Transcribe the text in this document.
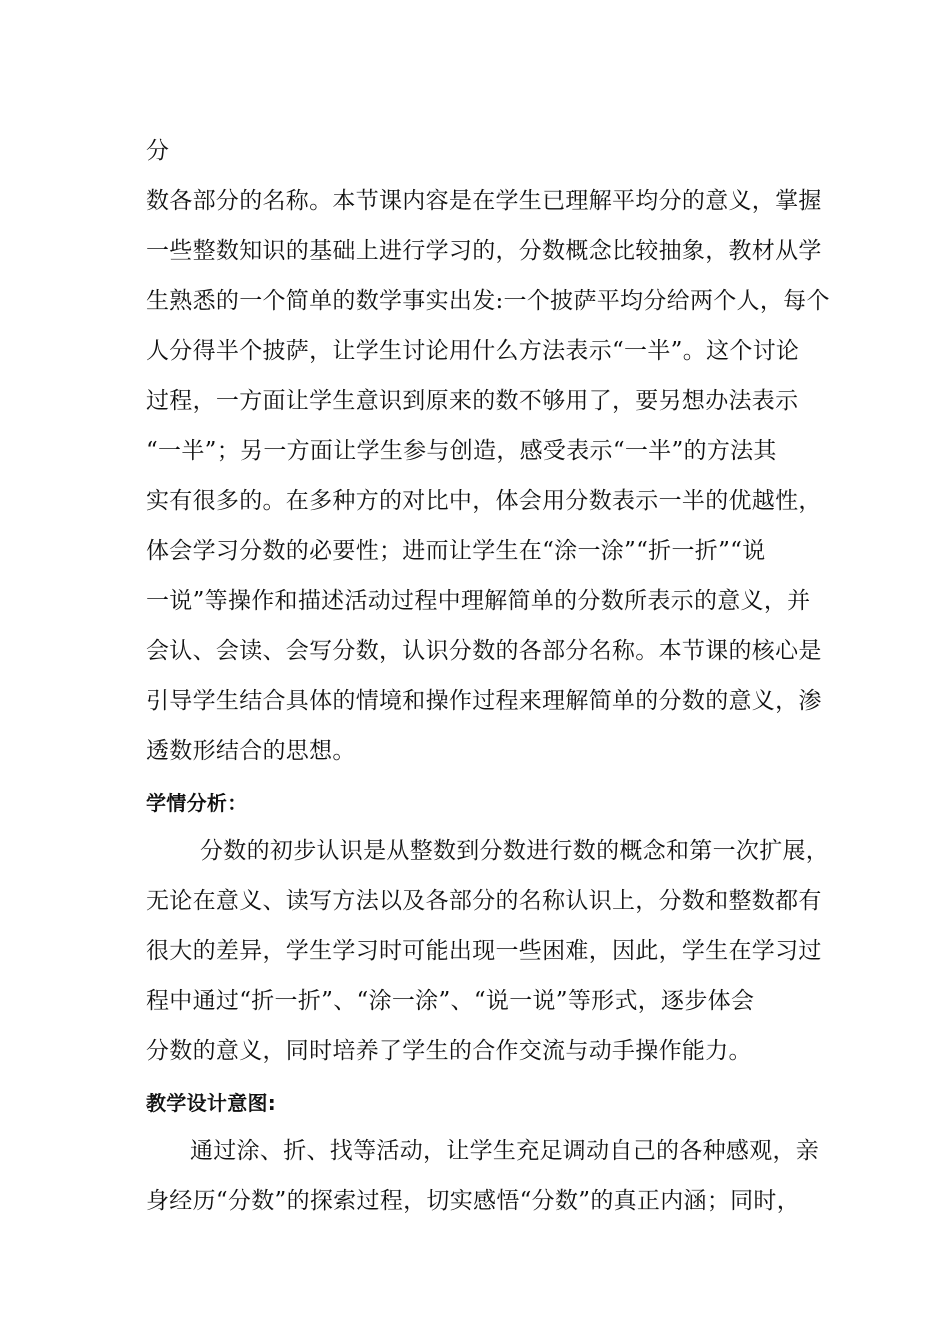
分
数各部分的名称。本节课内容是在学生已理解平均分的意义，掌握
一些整数知识的基础上进行学习的，分数概念比较抽象，教材从学
生熟悉的一个简单的数学事实出发:一个披萨平均分给两个人，每个
人分得半个披萨，让学生讨论用什么方法表示“一半”。这个讨论
过程，一方面让学生意识到原来的数不够用了，要另想办法表示
“一半”；另一方面让学生参与创造，感受表示“一半”的方法其
实有很多的。在多种方的对比中，体会用分数表示一半的优越性，
体会学习分数的必要性；进而让学生在“涂一涂”“折一折”“说
一说”等操作和描述活动过程中理解简单的分数所表示的意义，并
会认、会读、会写分数，认识分数的各部分名称。本节课的核心是
引导学生结合具体的情境和操作过程来理解简单的分数的意义，渗
透数形结合的思想。
学情分析：
分数的初步认识是从整数到分数进行数的概念和第一次扩展，
无论在意义、读写方法以及各部分的名称认识上，分数和整数都有
很大的差异，学生学习时可能出现一些困难，因此，学生在学习过
程中通过“折一折”、“涂一涂”、“说一说”等形式，逐步体会
分数的意义，同时培养了学生的合作交流与动手操作能力。
教学设计意图:
通过涂、折、找等活动，让学生充足调动自己的各种感观，亲
身经历“分数”的探索过程，切实感悟“分数”的真正内涵；同时，
